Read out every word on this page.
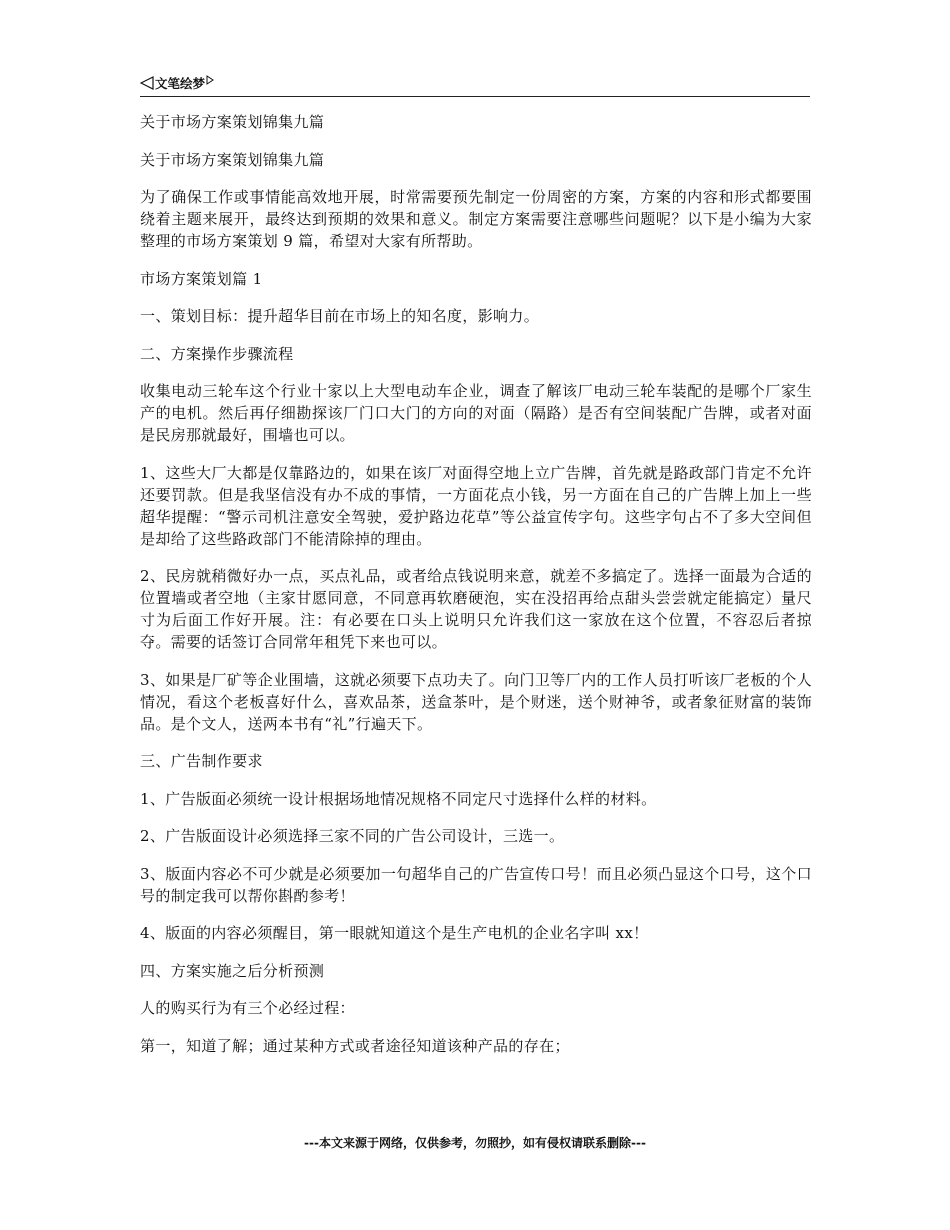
文笔绘梦

关于市场方案策划锦集九篇

关于市场方案策划锦集九篇

为了确保工作或事情能高效地开展，时常需要预先制定一份周密的方案，方案的内容和形式都要围绕着主题来展开，最终达到预期的效果和意义。制定方案需要注意哪些问题呢？以下是小编为大家整理的市场方案策划 9 篇，希望对大家有所帮助。

市场方案策划篇 1

一、策划目标：提升超华目前在市场上的知名度，影响力。

二、方案操作步骤流程

收集电动三轮车这个行业十家以上大型电动车企业，调查了解该厂电动三轮车装配的是哪个厂家生产的电机。然后再仔细勘探该厂门口大门的方向的对面（隔路）是否有空间装配广告牌，或者对面是民房那就最好，围墙也可以。

1、这些大厂大都是仅靠路边的，如果在该厂对面得空地上立广告牌，首先就是路政部门肯定不允许还要罚款。但是我坚信没有办不成的事情，一方面花点小钱，另一方面在自己的广告牌上加上一些超华提醒：“警示司机注意安全驾驶，爱护路边花草”等公益宣传字句。这些字句占不了多大空间但是却给了这些路政部门不能清除掉的理由。

2、民房就稍微好办一点，买点礼品，或者给点钱说明来意，就差不多搞定了。选择一面最为合适的位置墙或者空地（主家甘愿同意，不同意再软磨硬泡，实在没招再给点甜头尝尝就定能搞定）量尺寸为后面工作好开展。注：有必要在口头上说明只允许我们这一家放在这个位置，不容忍后者掠夺。需要的话签订合同常年租凭下来也可以。

3、如果是厂矿等企业围墙，这就必须要下点功夫了。向门卫等厂内的工作人员打听该厂老板的个人情况，看这个老板喜好什么，喜欢品茶，送盒茶叶，是个财迷，送个财神爷，或者象征财富的装饰品。是个文人，送两本书有“礼”行遍天下。

三、广告制作要求

1、广告版面必须统一设计根据场地情况规格不同定尺寸选择什么样的材料。

2、广告版面设计必须选择三家不同的广告公司设计，三选一。

3、版面内容必不可少就是必须要加一句超华自己的广告宣传口号！而且必须凸显这个口号，这个口号的制定我可以帮你斟酌参考！

4、版面的内容必须醒目，第一眼就知道这个是生产电机的企业名字叫 xx！

四、方案实施之后分析预测

人的购买行为有三个必经过程：

第一，知道了解；通过某种方式或者途径知道该种产品的存在；

---本文来源于网络，仅供参考，勿照抄，如有侵权请联系删除---
